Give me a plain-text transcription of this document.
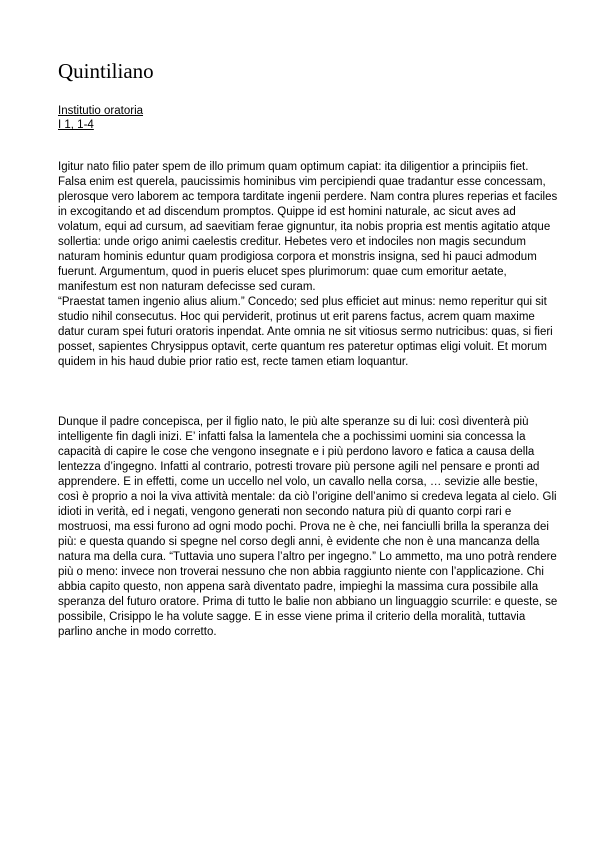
Quintiliano
Institutio oratoria
I 1, 1-4

Igitur nato filio pater spem de illo primum quam optimum capiat: ita diligentior a principiis fiet. Falsa enim est querela, paucissimis hominibus vim percipiendi quae tradantur esse concessam, plerosque vero laborem ac tempora tarditate ingenii perdere. Nam contra plures reperias et faciles in excogitando et ad discendum promptos. Quippe id est homini naturale, ac sicut aves ad volatum, equi ad cursum, ad saevitiam ferae gignuntur, ita nobis propria est mentis agitatio atque sollertia: unde origo animi caelestis creditur. Hebetes vero et indociles non magis secundum naturam hominis eduntur quam prodigiosa corpora et monstris insigna, sed hi pauci admodum fuerunt. Argumentum, quod in pueris elucet spes plurimorum: quae cum emoritur aetate, manifestum est non naturam defecisse sed curam.

“Praestat tamen ingenio alius alium.” Concedo; sed plus efficiet aut minus: nemo reperitur qui sit studio nihil consecutus. Hoc qui perviderit, protinus ut erit parens factus, acrem quam maxime datur curam spei futuri oratoris inpendat. Ante omnia ne sit vitiosus sermo nutricibus: quas, si fieri posset, sapientes Chrysippus optavit, certe quantum res pateretur optimas eligi voluit. Et morum quidem in his haud dubie prior ratio est, recte tamen etiam loquantur.

Dunque il padre concepisca, per il figlio nato, le più alte speranze su di lui: così diventerà più intelligente fin dagli inizi. E’ infatti falsa la lamentela che a pochissimi uomini sia concessa la capacità di capire le cose che vengono insegnate e i più perdono lavoro e fatica a causa della lentezza d’ingegno. Infatti al contrario, potresti trovare più persone agili nel pensare e pronti ad apprendere. E in effetti, come un uccello nel volo, un cavallo nella corsa, … sevizie alle bestie, così è proprio a noi la viva attività mentale: da ciò l’origine dell’animo si credeva legata al cielo. Gli idioti in verità, ed i negati, vengono generati non secondo natura più di quanto corpi rari e mostruosi, ma essi furono ad ogni modo pochi. Prova ne è che, nei fanciulli brilla la speranza dei più: e questa quando si spegne nel corso degli anni, è evidente che non è una mancanza della natura ma della cura. “Tuttavia uno supera l’altro per ingegno.” Lo ammetto, ma uno potrà rendere più o meno: invece non troverai nessuno che non abbia raggiunto niente con l’applicazione. Chi abbia capito questo, non appena sarà diventato padre, impieghi la massima cura possibile alla speranza del futuro oratore. Prima di tutto le balie non abbiano un linguaggio scurrile: e queste, se possibile, Crisippo le ha volute sagge. E in esse viene prima il criterio della moralità, tuttavia parlino anche in modo corretto.
